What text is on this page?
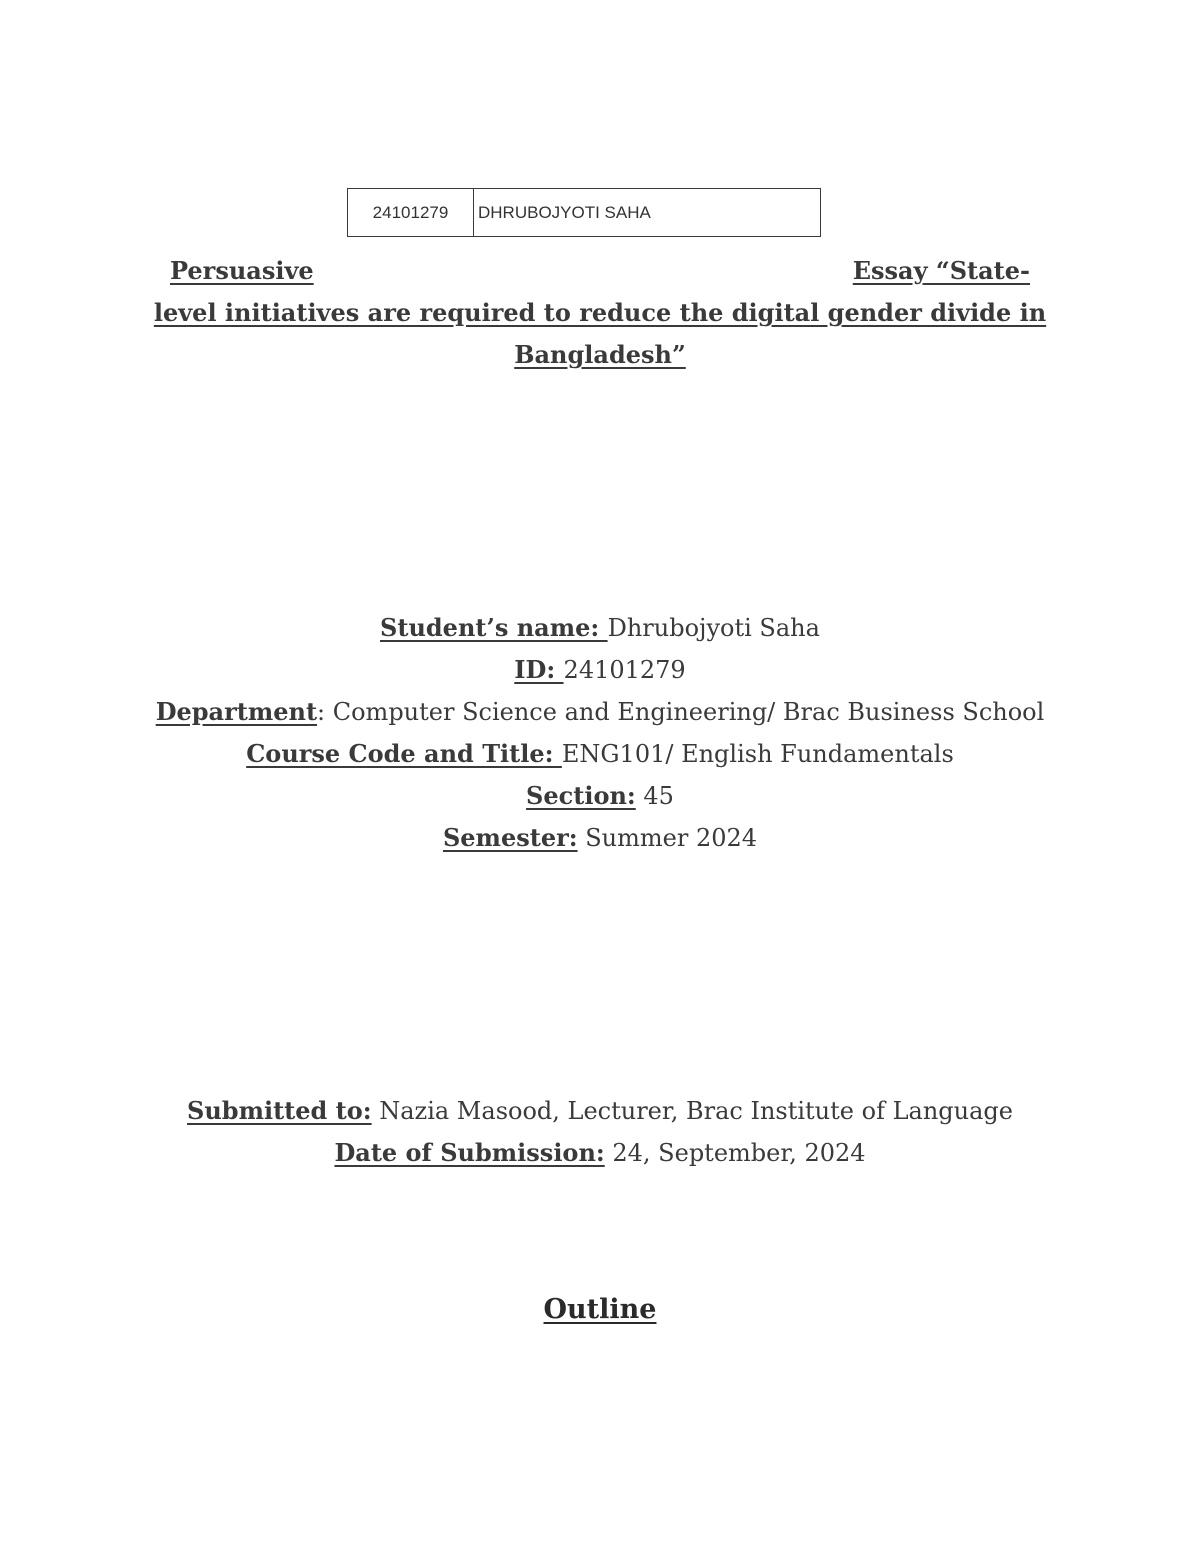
24101279	DHRUBOJYOTI SAHA
Persuasive	Essay “State-
level initiatives are required to reduce the digital gender divide in
Bangladesh”
Student’s name: Dhrubojyoti Saha
ID: 24101279
Department: Computer Science and Engineering/ Brac Business School
Course Code and Title: ENG101/ English Fundamentals
Section: 45
Semester: Summer 2024
Submitted to: Nazia Masood, Lecturer, Brac Institute of Language
Date of Submission: 24, September, 2024
Outline
